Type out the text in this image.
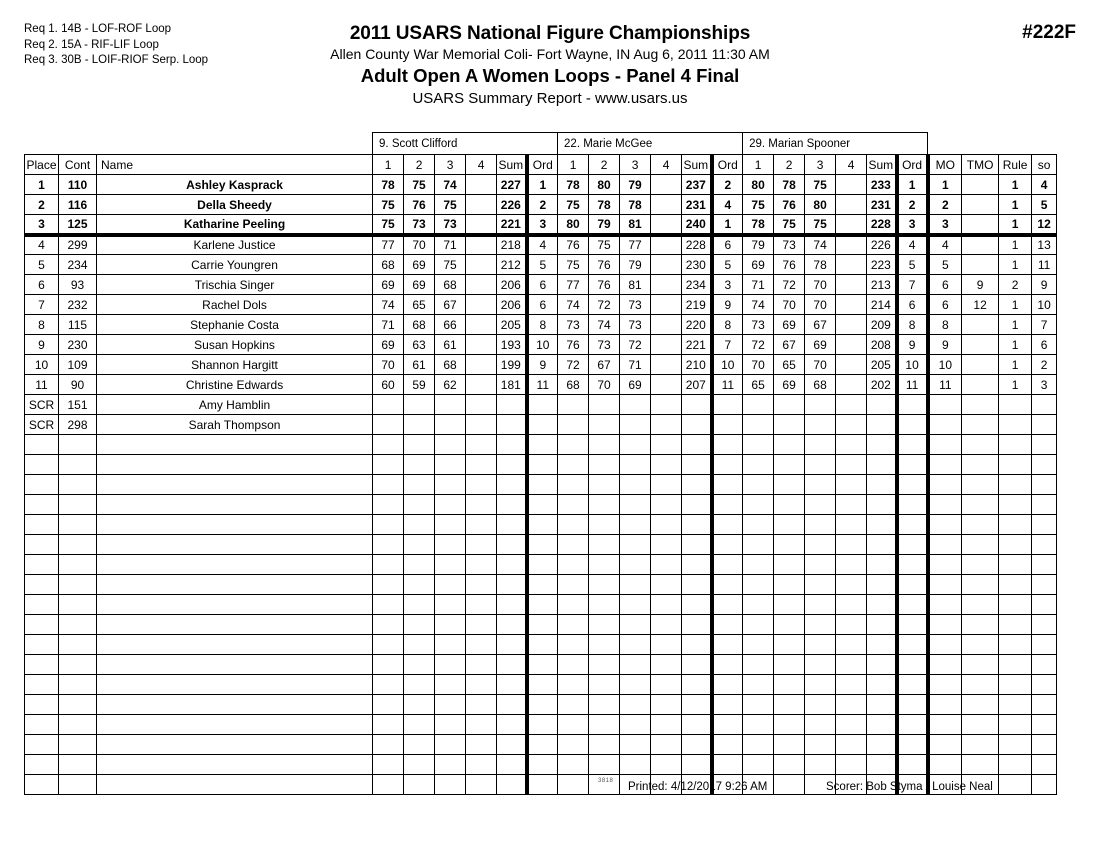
Req 1. 14B - LOF-ROF Loop
Req 2. 15A - RIF-LIF Loop
Req 3. 30B - LOIF-RIOF Serp. Loop
2011 USARS National Figure Championships
Allen County War Memorial Coli- Fort Wayne, IN Aug 6, 2011 11:30 AM
Adult Open A Women Loops - Panel 4 Final
USARS Summary Report - www.usars.us
#222F
			9. Scott Clifford						22. Marie McGee						29. Marian Spooner									
Place	Cont	Name	1	2	3	4	Sum	Ord	1	2	3	4	Sum	Ord	1	2	3	4	Sum	Ord	MO	TMO	Rule	so
1	110	Ashley Kasprack	78	75	74		227	1	78	80	79		237	2	80	78	75		233	1	1		1	4
2	116	Della Sheedy	75	76	75		226	2	75	78	78		231	4	75	76	80		231	2	2		1	5
3	125	Katharine Peeling	75	73	73		221	3	80	79	81		240	1	78	75	75		228	3	3		1	12
4	299	Karlene Justice	77	70	71		218	4	76	75	77		228	6	79	73	74		226	4	4		1	13
5	234	Carrie Youngren	68	69	75		212	5	75	76	79		230	5	69	76	78		223	5	5		1	11
6	93	Trischia Singer	69	69	68		206	6	77	76	81		234	3	71	72	70		213	7	6	9	2	9
7	232	Rachel Dols	74	65	67		206	6	74	72	73		219	9	74	70	70		214	6	6	12	1	10
8	115	Stephanie Costa	71	68	66		205	8	73	74	73		220	8	73	69	67		209	8	8		1	7
9	230	Susan Hopkins	69	63	61		193	10	76	73	72		221	7	72	67	69		208	9	9		1	6
10	109	Shannon Hargitt	70	61	68		199	9	72	67	71		210	10	70	65	70		205	10	10		1	2
11	90	Christine Edwards	60	59	62		181	11	68	70	69		207	11	65	69	68		202	11	11		1	3
SCR	151	Amy Hamblin																						
SCR	298	Sarah Thompson																						

3818 Printed: 4/12/2017 9:26 AM	Scorer: Bob Styma / Louise Neal
